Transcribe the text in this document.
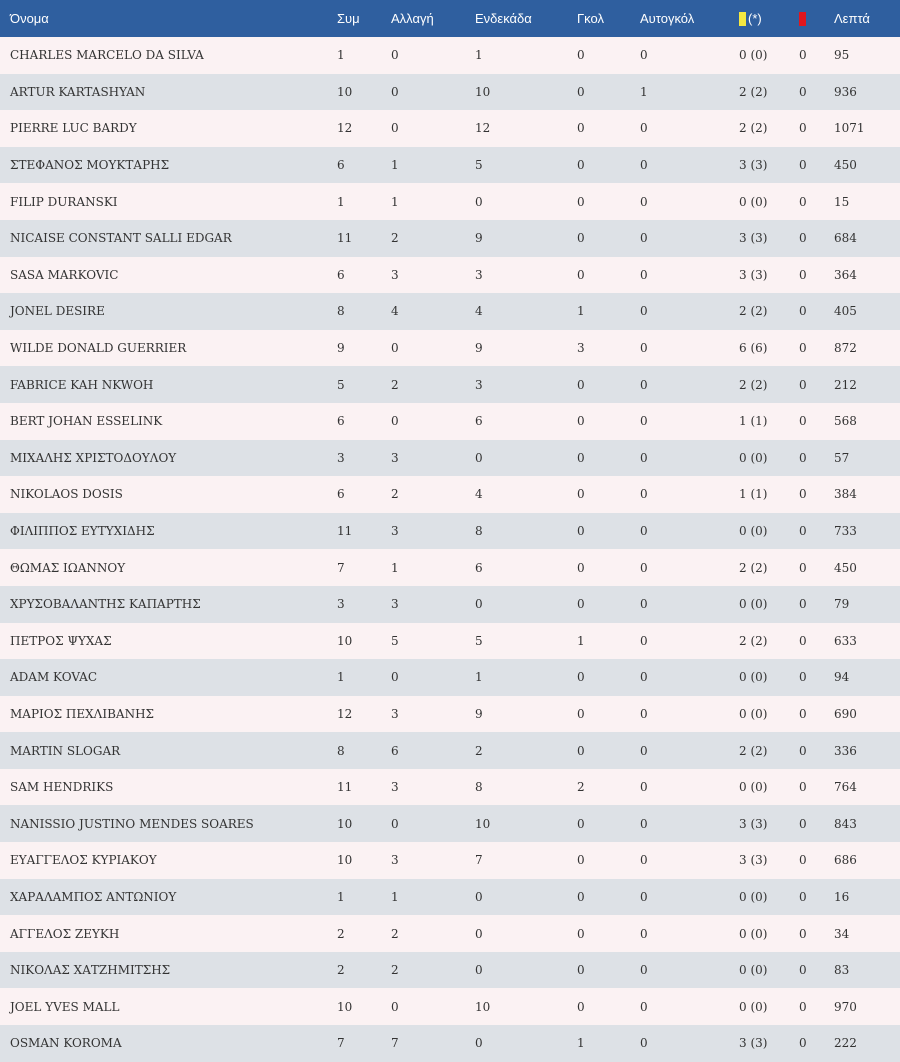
Όνομα	Συμ	Αλλαγή	Ενδεκάδα	Γκολ	Αυτογκόλ	(*)		Λεπτά
CHARLES MARCELO DA SILVA	1	0	1	0	0	0 (0)	0	95
ARTUR KARTASHYAN	10	0	10	0	1	2 (2)	0	936
PIERRE LUC BARDY	12	0	12	0	0	2 (2)	0	1071
ΣΤΕΦΑΝΟΣ ΜΟΥΚΤΑΡΗΣ	6	1	5	0	0	3 (3)	0	450
FILIP DURANSKI	1	1	0	0	0	0 (0)	0	15
NICAISE CONSTANT SALLI EDGAR	11	2	9	0	0	3 (3)	0	684
SASA MARKOVIC	6	3	3	0	0	3 (3)	0	364
JONEL DESIRE	8	4	4	1	0	2 (2)	0	405
WILDE DONALD GUERRIER	9	0	9	3	0	6 (6)	0	872
FABRICE KAH NKWOH	5	2	3	0	0	2 (2)	0	212
BERT JOHAN ESSELINK	6	0	6	0	0	1 (1)	0	568
ΜΙΧΑΛΗΣ ΧΡΙΣΤΟΔΟΥΛΟΥ	3	3	0	0	0	0 (0)	0	57
NIKOLAOS DOSIS	6	2	4	0	0	1 (1)	0	384
ΦΙΛΙΠΠΟΣ ΕΥΤΥΧΙΔΗΣ	11	3	8	0	0	0 (0)	0	733
ΘΩΜΑΣ ΙΩΑΝΝΟΥ	7	1	6	0	0	2 (2)	0	450
ΧΡΥΣΟΒΑΛΑΝΤΗΣ ΚΑΠΑΡΤΗΣ	3	3	0	0	0	0 (0)	0	79
ΠΕΤΡΟΣ ΨΥΧΑΣ	10	5	5	1	0	2 (2)	0	633
ADAM KOVAC	1	0	1	0	0	0 (0)	0	94
ΜΑΡΙΟΣ ΠΕΧΛΙΒΑΝΗΣ	12	3	9	0	0	0 (0)	0	690
MARTIN SLOGAR	8	6	2	0	0	2 (2)	0	336
SAM HENDRIKS	11	3	8	2	0	0 (0)	0	764
NANISSIO JUSTINO MENDES SOARES	10	0	10	0	0	3 (3)	0	843
ΕΥΑΓΓΕΛΟΣ ΚΥΡΙΑΚΟΥ	10	3	7	0	0	3 (3)	0	686
ΧΑΡΑΛΑΜΠΟΣ ΑΝΤΩΝΙΟΥ	1	1	0	0	0	0 (0)	0	16
ΑΓΓΕΛΟΣ ΖΕΥΚΗ	2	2	0	0	0	0 (0)	0	34
ΝΙΚΟΛΑΣ ΧΑΤΖΗΜΙΤΣΗΣ	2	2	0	0	0	0 (0)	0	83
JOEL YVES MALL	10	0	10	0	0	0 (0)	0	970
OSMAN KOROMA	7	7	0	1	0	3 (3)	0	222
